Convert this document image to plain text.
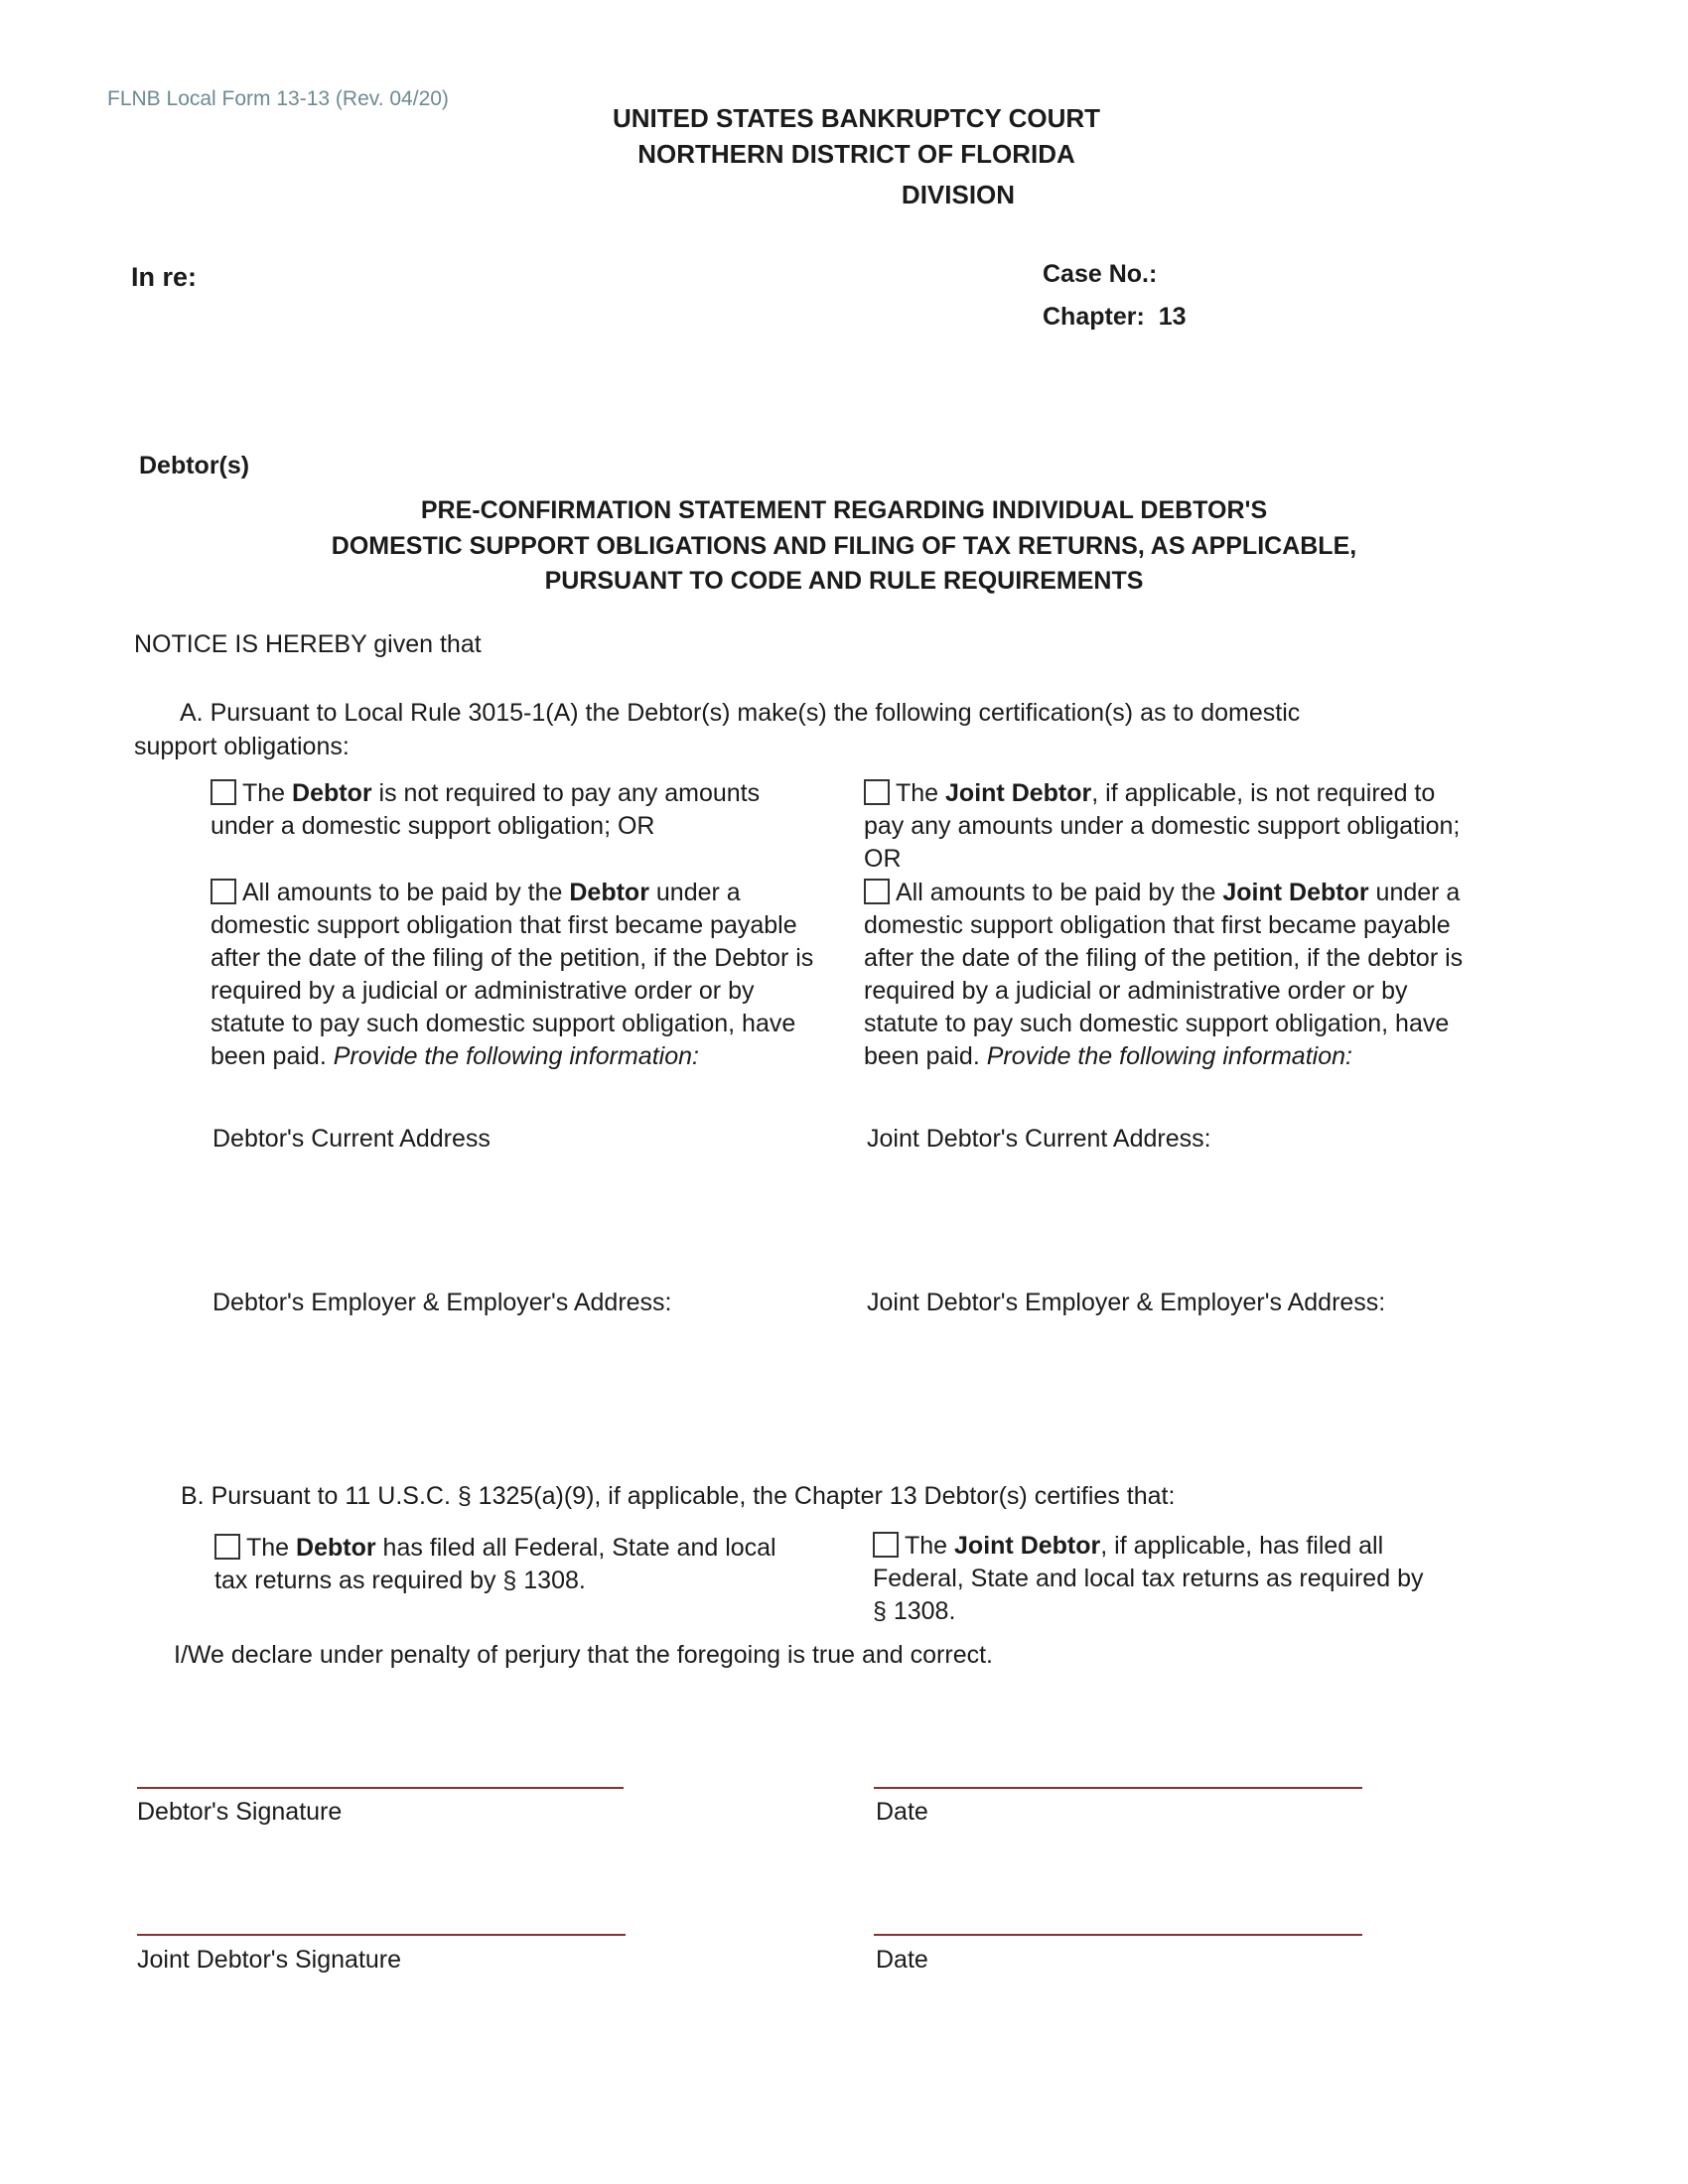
FLNB Local Form 13-13 (Rev. 04/20)
UNITED STATES BANKRUPTCY COURT
NORTHERN DISTRICT OF FLORIDA
DIVISION
In re:	Case No.:
Chapter: 13
Debtor(s)
PRE-CONFIRMATION STATEMENT REGARDING INDIVIDUAL DEBTOR'S
DOMESTIC SUPPORT OBLIGATIONS AND FILING OF TAX RETURNS, AS APPLICABLE,
PURSUANT TO CODE AND RULE REQUIREMENTS
NOTICE IS HEREBY given that
A. Pursuant to Local Rule 3015-1(A) the Debtor(s) make(s) the following certification(s) as to domestic support obligations:
The Debtor is not required to pay any amounts under a domestic support obligation; OR
The Joint Debtor, if applicable, is not required to pay any amounts under a domestic support obligation; OR
All amounts to be paid by the Debtor under a domestic support obligation that first became payable after the date of the filing of the petition, if the Debtor is required by a judicial or administrative order or by statute to pay such domestic support obligation, have been paid. Provide the following information:
All amounts to be paid by the Joint Debtor under a domestic support obligation that first became payable after the date of the filing of the petition, if the debtor is required by a judicial or administrative order or by statute to pay such domestic support obligation, have been paid. Provide the following information:
Debtor's Current Address	Joint Debtor's Current Address:
Debtor's Employer & Employer's Address:	Joint Debtor's Employer & Employer's Address:
B. Pursuant to 11 U.S.C. § 1325(a)(9), if applicable, the Chapter 13 Debtor(s) certifies that:
The Debtor has filed all Federal, State and local tax returns as required by § 1308.
The Joint Debtor, if applicable, has filed all Federal, State and local tax returns as required by § 1308.
I/We declare under penalty of perjury that the foregoing is true and correct.
Debtor's Signature	Date
Joint Debtor's Signature	Date
